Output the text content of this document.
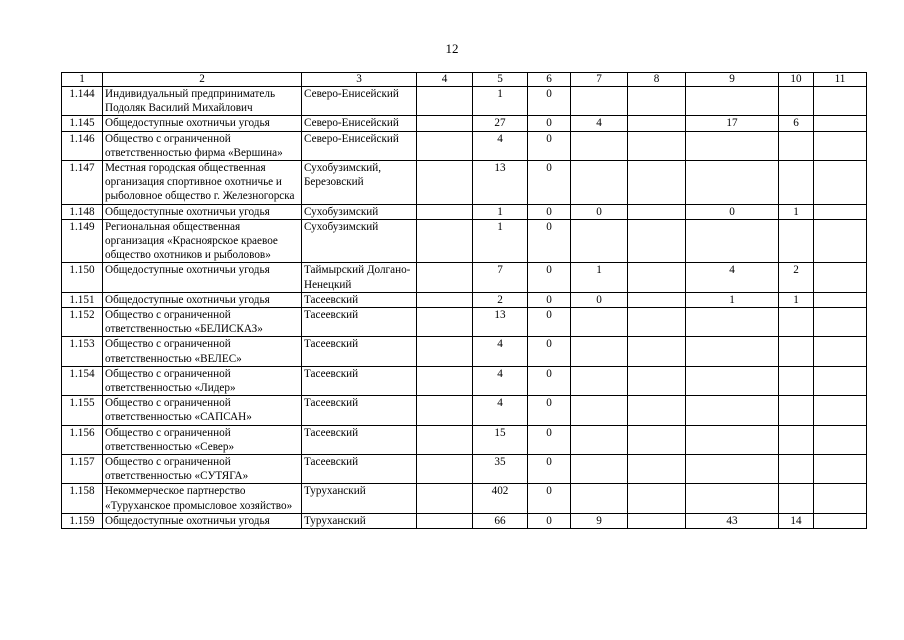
12
1	2	3	4	5	6	7	8	9	10	11
1.144	Индивидуальный предприниматель Подоляк Василий Михайлович	Северо-Енисейский		1	0					
1.145	Общедоступные охотничьи угодья	Северо-Енисейский		27	0	4		17	6	
1.146	Общество с ограниченной ответственностью фирма «Вершина»	Северо-Енисейский		4	0					
1.147	Местная городская общественная организация спортивное охотничье и рыболовное общество г. Железногорска	Сухобузимский, Березовский		13	0					
1.148	Общедоступные охотничьи угодья	Сухобузимский		1	0	0		0	1	
1.149	Региональная общественная организация «Красноярское краевое общество охотников и рыболовов»	Сухобузимский		1	0					
1.150	Общедоступные охотничьи угодья	Таймырский Долгано-Ненецкий		7	0	1		4	2	
1.151	Общедоступные охотничьи угодья	Тасеевский		2	0	0		1	1	
1.152	Общество с ограниченной ответственностью «БЕЛИСКАЗ»	Тасеевский		13	0					
1.153	Общество с ограниченной ответственностью «ВЕЛЕС»	Тасеевский		4	0					
1.154	Общество с ограниченной ответственностью «Лидер»	Тасеевский		4	0					
1.155	Общество с ограниченной ответственностью «САПСАН»	Тасеевский		4	0					
1.156	Общество с ограниченной ответственностью «Север»	Тасеевский		15	0					
1.157	Общество с ограниченной ответственностью «СУТЯГА»	Тасеевский		35	0					
1.158	Некоммерческое партнерство «Туруханское промысловое хозяйство»	Туруханский		402	0					
1.159	Общедоступные охотничьи угодья	Туруханский		66	0	9		43	14	
